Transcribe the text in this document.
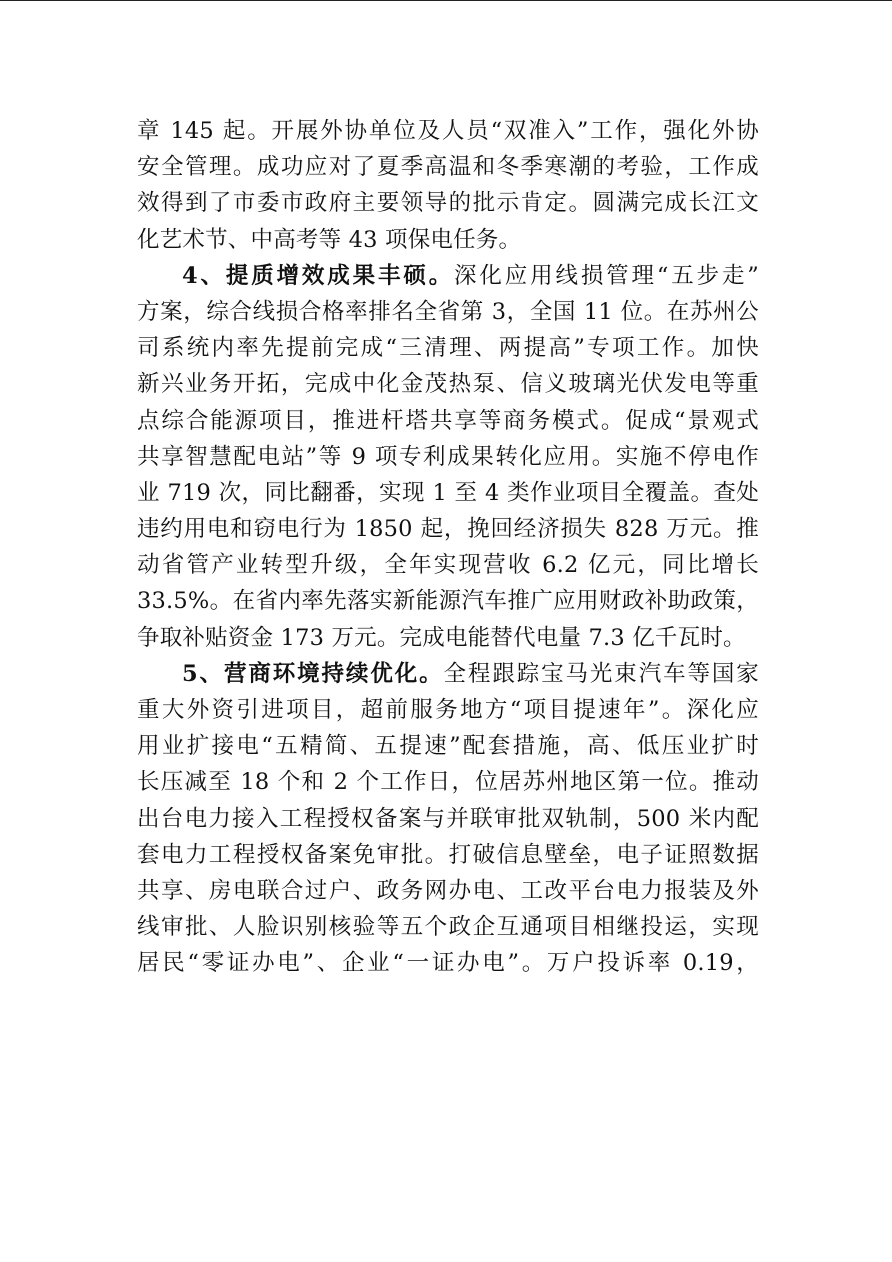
章 145 起。开展外协单位及人员“双准入”工作，强化外协
安全管理。成功应对了夏季高温和冬季寒潮的考验，工作成
效得到了市委市政府主要领导的批示肯定。圆满完成长江文
化艺术节、中高考等 43 项保电任务。
4、提质增效成果丰硕。深化应用线损管理“五步走”
方案，综合线损合格率排名全省第 3，全国 11 位。在苏州公
司系统内率先提前完成“三清理、两提高”专项工作。加快
新兴业务开拓，完成中化金茂热泵、信义玻璃光伏发电等重
点综合能源项目，推进杆塔共享等商务模式。促成“景观式
共享智慧配电站”等 9 项专利成果转化应用。实施不停电作
业 719 次，同比翻番，实现 1 至 4 类作业项目全覆盖。查处
违约用电和窃电行为 1850 起，挽回经济损失 828 万元。推
动省管产业转型升级，全年实现营收 6.2 亿元，同比增长
33.5%。在省内率先落实新能源汽车推广应用财政补助政策，
争取补贴资金 173 万元。完成电能替代电量 7.3 亿千瓦时。
5、营商环境持续优化。全程跟踪宝马光束汽车等国家
重大外资引进项目，超前服务地方“项目提速年”。深化应
用业扩接电“五精简、五提速”配套措施，高、低压业扩时
长压减至 18 个和 2 个工作日，位居苏州地区第一位。推动
出台电力接入工程授权备案与并联审批双轨制，500 米内配
套电力工程授权备案免审批。打破信息壁垒，电子证照数据
共享、房电联合过户、政务网办电、工改平台电力报装及外
线审批、人脸识别核验等五个政企互通项目相继投运，实现
居民“零证办电”、企业“一证办电”。万户投诉率 0.19，
